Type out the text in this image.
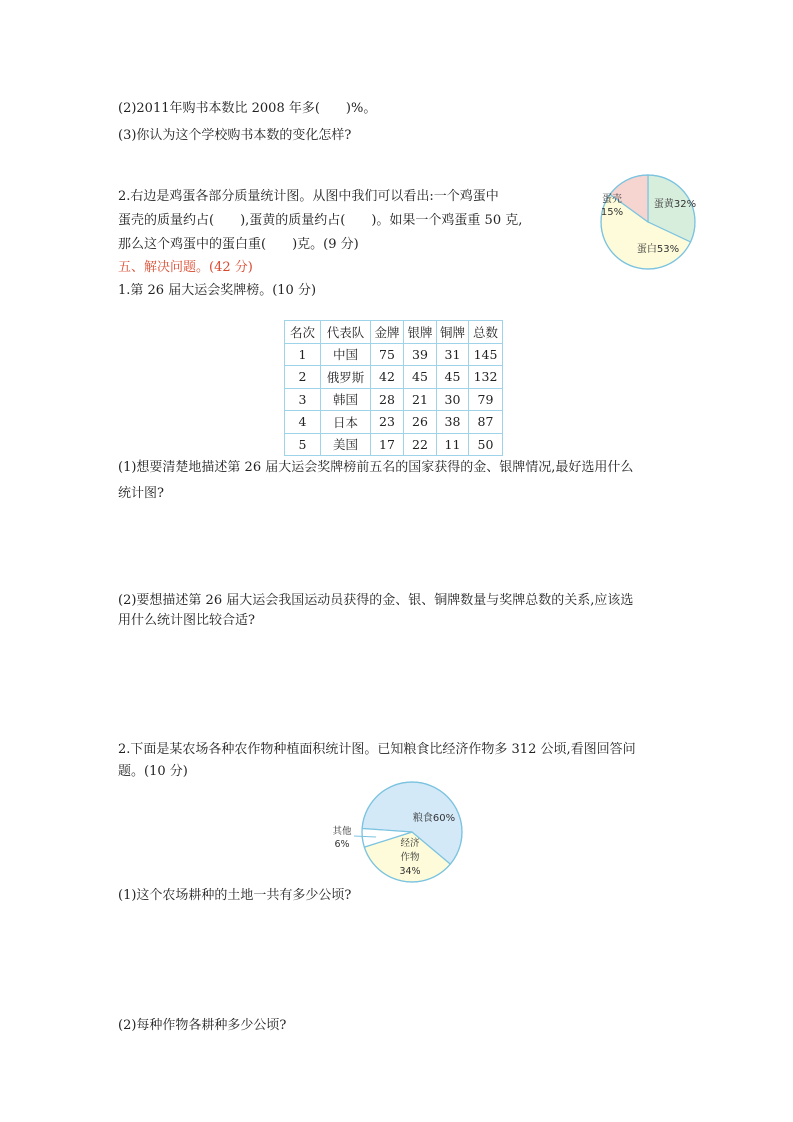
(2)2011年购书本数比 2008 年多(　　)%。
(3)你认为这个学校购书本数的变化怎样?
2.右边是鸡蛋各部分质量统计图。从图中我们可以看出:一个鸡蛋中
蛋壳的质量约占(　　),蛋黄的质量约占(　　)。如果一个鸡蛋重 50 克,
那么这个鸡蛋中的蛋白重(　　)克。(9 分)
蛋黄32%
蛋白53%
蛋壳
15%
五、解决问题。(42 分)
1.第 26 届大运会奖牌榜。(10 分)
名次	代表队	金牌	银牌	铜牌	总数
1	中国	75	39	31	145
2	俄罗斯	42	45	45	132
3	韩国	28	21	30	79
4	日本	23	26	38	87
5	美国	17	22	11	50
(1)想要清楚地描述第 26 届大运会奖牌榜前五名的国家获得的金、银牌情况,最好选用什么
统计图?
(2)要想描述第 26 届大运会我国运动员获得的金、银、铜牌数量与奖牌总数的关系,应该选
用什么统计图比较合适?
2.下面是某农场各种农作物种植面积统计图。已知粮食比经济作物多 312 公顷,看图回答问
题。(10 分)
粮食60%
经济
作物
34%
其他
6%
(1)这个农场耕种的土地一共有多少公顷?
(2)每种作物各耕种多少公顷?
